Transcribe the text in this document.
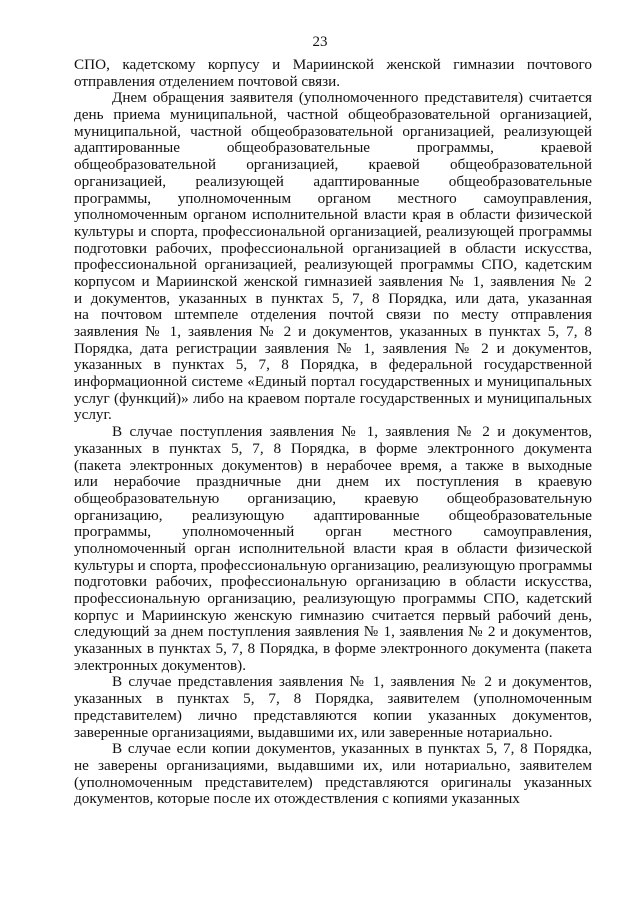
23
СПО, кадетскому корпусу и Мариинской женской гимназии почтового
отправления отделением почтовой связи.
Днем обращения заявителя (уполномоченного представителя) считается
день приема муниципальной, частной общеобразовательной организацией,
муниципальной, частной общеобразовательной организацией, реализующей
адаптированные общеобразовательные программы, краевой
общеобразовательной организацией, краевой общеобразовательной
организацией, реализующей адаптированные общеобразовательные
программы, уполномоченным органом местного самоуправления,
уполномоченным органом исполнительной власти края в области физической
культуры и спорта, профессиональной организацией, реализующей программы
подготовки рабочих, профессиональной организацией в области искусства,
профессиональной организацией, реализующей программы СПО, кадетским
корпусом и Мариинской женской гимназией заявления № 1, заявления № 2
и документов, указанных в пунктах 5, 7, 8 Порядка, или дата, указанная
на почтовом штемпеле отделения почтой связи по месту отправления
заявления № 1, заявления № 2 и документов, указанных в пунктах 5, 7, 8
Порядка, дата регистрации заявления № 1, заявления № 2 и документов,
указанных в пунктах 5, 7, 8 Порядка, в федеральной государственной
информационной системе «Единый портал государственных и муниципальных
услуг (функций)» либо на краевом портале государственных и муниципальных
услуг.
В случае поступления заявления № 1, заявления № 2 и документов,
указанных в пунктах 5, 7, 8 Порядка, в форме электронного документа
(пакета электронных документов) в нерабочее время, а также в выходные
или нерабочие праздничные дни днем их поступления в краевую
общеобразовательную организацию, краевую общеобразовательную
организацию, реализующую адаптированные общеобразовательные
программы, уполномоченный орган местного самоуправления,
уполномоченный орган исполнительной власти края в области физической
культуры и спорта, профессиональную организацию, реализующую программы
подготовки рабочих, профессиональную организацию в области искусства,
профессиональную организацию, реализующую программы СПО, кадетский
корпус и Мариинскую женскую гимназию считается первый рабочий день,
следующий за днем поступления заявления № 1, заявления № 2 и документов,
указанных в пунктах 5, 7, 8 Порядка, в форме электронного документа (пакета
электронных документов).
В случае представления заявления № 1, заявления № 2 и документов,
указанных в пунктах 5, 7, 8 Порядка, заявителем (уполномоченным
представителем) лично представляются копии указанных документов,
заверенные организациями, выдавшими их, или заверенные нотариально.
В случае если копии документов, указанных в пунктах 5, 7, 8 Порядка,
не заверены организациями, выдавшими их, или нотариально, заявителем
(уполномоченным представителем) представляются оригиналы указанных
документов, которые после их отождествления с копиями указанных
